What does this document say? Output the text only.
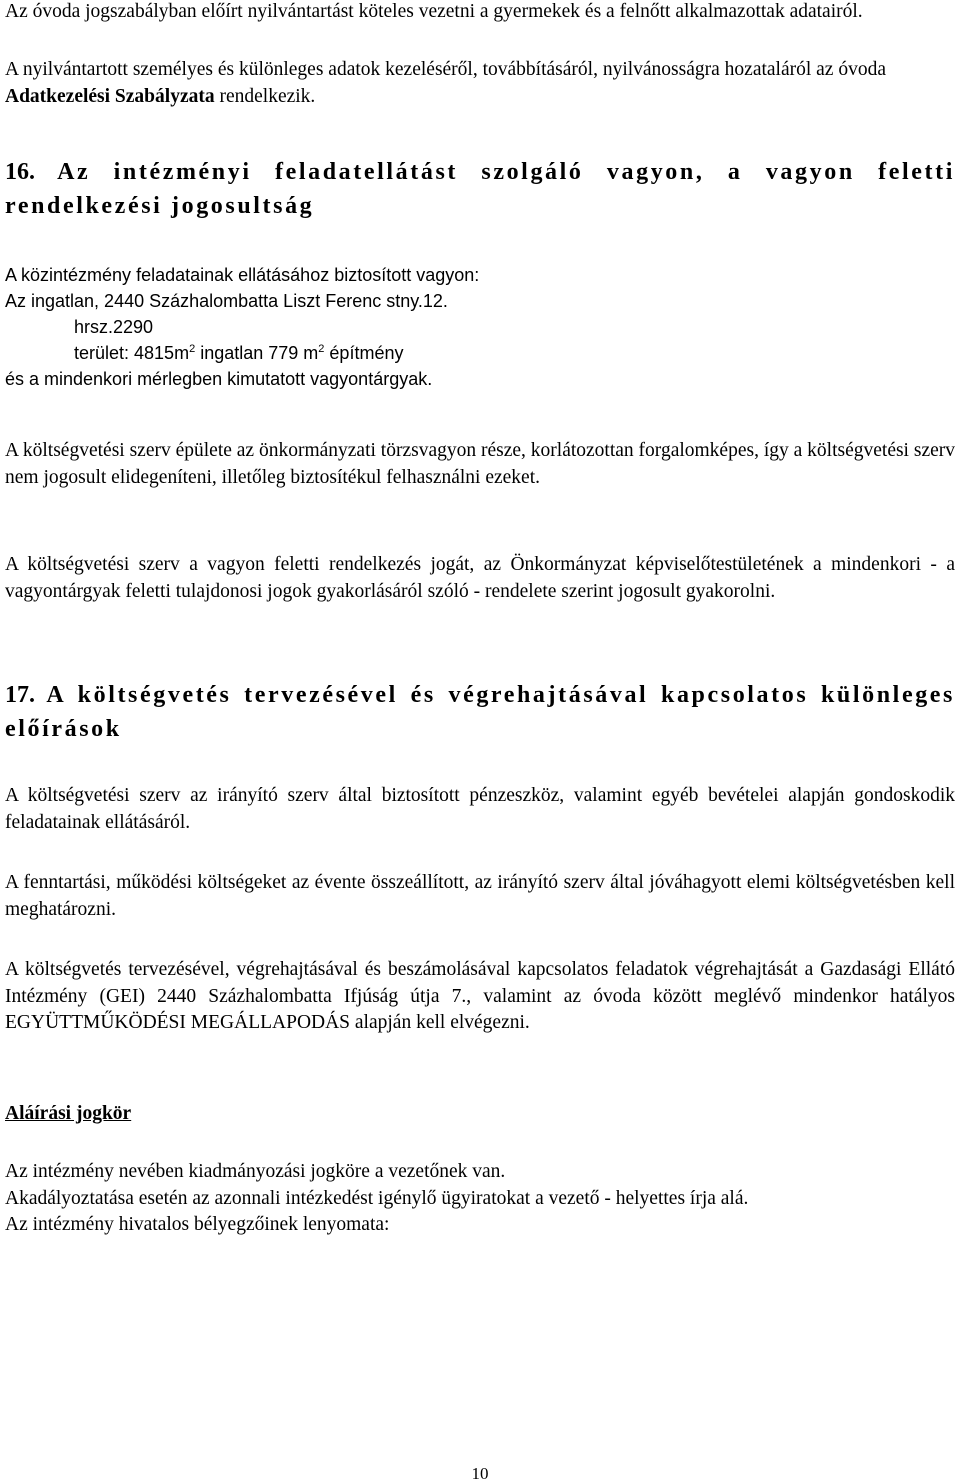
Az óvoda jogszabályban előírt nyilvántartást köteles vezetni a gyermekek és a felnőtt alkalmazottak adatairól.

A nyilvántartott személyes és különleges adatok kezeléséről, továbbításáról, nyilvánosságra hozataláról az óvoda Adatkezelési Szabályzata rendelkezik.

16. Az intézményi feladatellátást szolgáló vagyon, a vagyon feletti rendelkezési jogosultság

A közintézmény feladatainak ellátásához biztosított vagyon:

Az ingatlan, 2440 Százhalombatta Liszt Ferenc stny.12.

hrsz.2290

terület: $4815m^2$ ingatlan 779 $m^2$ építmény

és a mindenkori mérlegben kimutatott vagyontárgyak.

A költségvetési szerv épülete az önkormányzati törzsvagyon része, korlátozottan forgalomképes, így a költségvetési szerv nem jogosult elidegeníteni, illetőleg biztosítékul felhasználni ezeket.

A költségvetési szerv a vagyon feletti rendelkezés jogát, az Önkormányzat képviselőtestületének a mindenkori - a vagyontárgyak feletti tulajdonosi jogok gyakorlásáról szóló - rendelete szerint jogosult gyakorolni.

17. A költségvetés tervezésével és végrehajtásával kapcsolatos különleges előírások

A költségvetési szerv az irányító szerv által biztosított pénzeszköz, valamint egyéb bevételei alapján gondoskodik feladatainak ellátásáról.

A fenntartási, működési költségeket az évente összeállított, az irányító szerv által jóváhagyott elemi költségvetésben kell meghatározni.

A költségvetés tervezésével, végrehajtásával és beszámolásával kapcsolatos feladatok végrehajtását a Gazdasági Ellátó Intézmény (GEI) 2440 Százhalombatta Ifjúság útja 7., valamint az óvoda között meglévő mindenkor hatályos EGYÜTTMŰKÖDÉSI MEGÁLLAPODÁS alapján kell elvégezni.

Aláírási jogkör

Az intézmény nevében kiadmányozási jogköre a vezetőnek van.

Akadályoztatása esetén az azonnali intézkedést igénylő ügyiratokat a vezető - helyettes írja alá.

Az intézmény hivatalos bélyegzőinek lenyomata:

10
